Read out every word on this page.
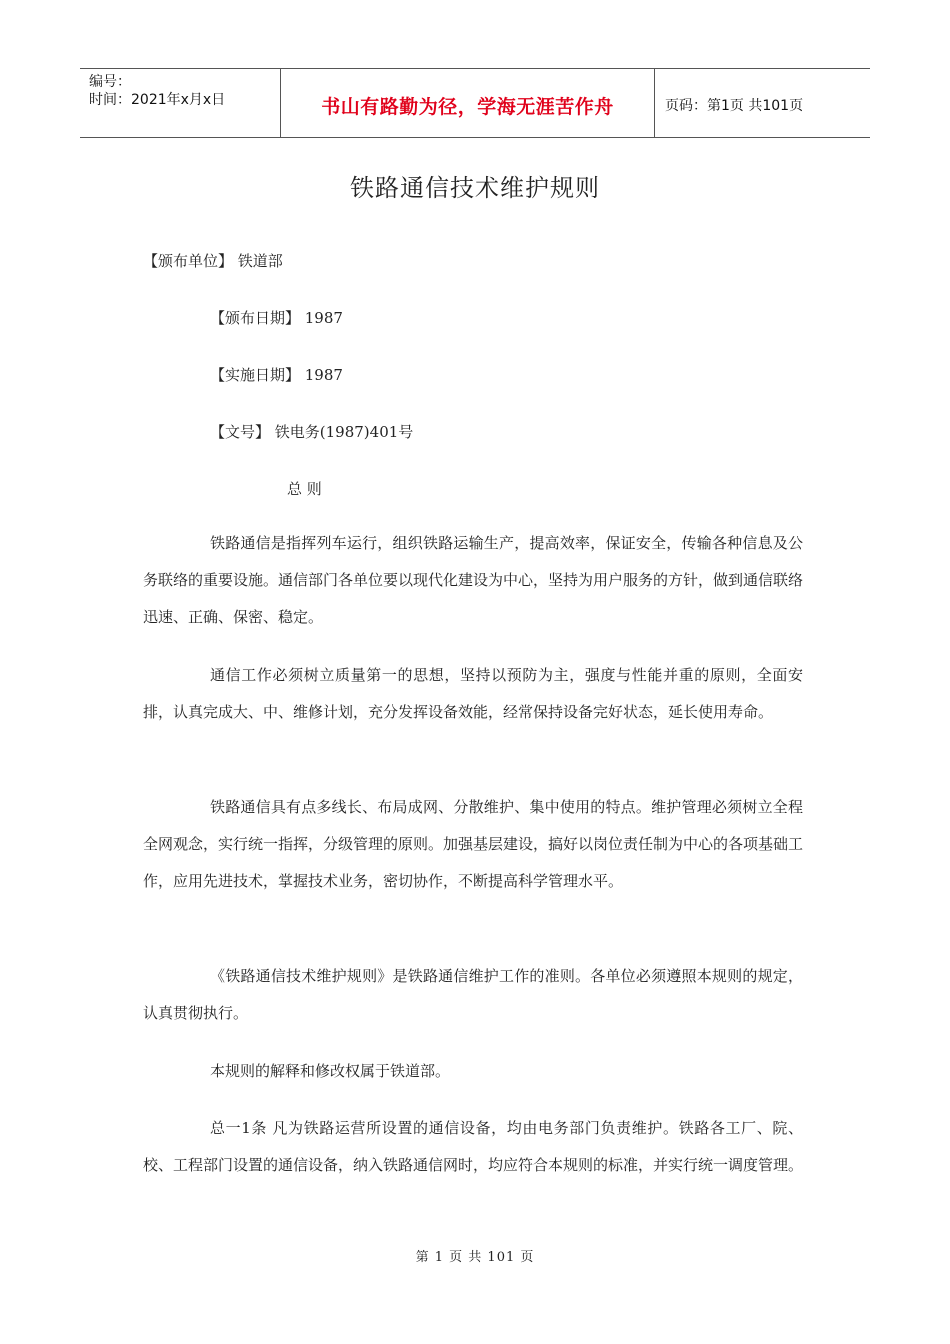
编号：
时间：2021年x月x日	书山有路勤为径，学海无涯苦作舟	页码：第1页 共101页
铁路通信技术维护规则
【颁布单位】 铁道部
【颁布日期】 1987
【实施日期】 1987
【文号】 铁电务(1987)401号
总 则
铁路通信是指挥列车运行，组织铁路运输生产，提高效率，保证安全，传输各种信息及公务联络的重要设施。通信部门各单位要以现代化建设为中心，坚持为用户服务的方针，做到通信联络迅速、正确、保密、稳定。
通信工作必须树立质量第一的思想，坚持以预防为主，强度与性能并重的原则，全面安排，认真完成大、中、维修计划，充分发挥设备效能，经常保持设备完好状态，延长使用寿命。
铁路通信具有点多线长、布局成网、分散维护、集中使用的特点。维护管理必须树立全程全网观念，实行统一指挥，分级管理的原则。加强基层建设，搞好以岗位责任制为中心的各项基础工作，应用先进技术，掌握技术业务，密切协作，不断提高科学管理水平。
《铁路通信技术维护规则》是铁路通信维护工作的准则。各单位必须遵照本规则的规定，认真贯彻执行。
本规则的解释和修改权属于铁道部。
总一1条 凡为铁路运营所设置的通信设备，均由电务部门负责维护。铁路各工厂、院、校、工程部门设置的通信设备，纳入铁路通信网时，均应符合本规则的标准，并实行统一调度管理。
第 1 页 共 101 页
